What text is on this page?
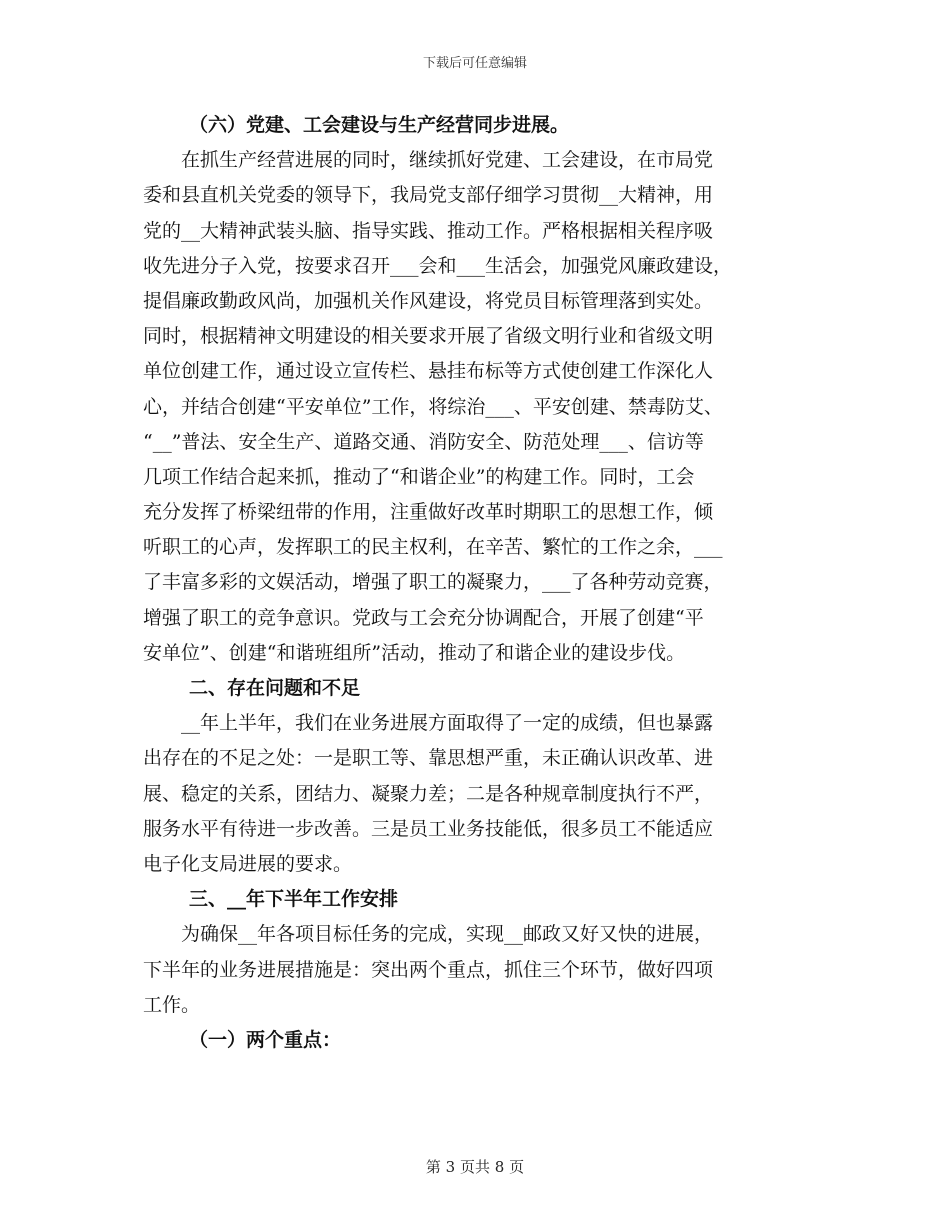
下载后可任意编辑
（六）党建、工会建设与生产经营同步进展。
在抓生产经营进展的同时，继续抓好党建、工会建设，在市局党
委和县直机关党委的领导下，我局党支部仔细学习贯彻__大精神，用
党的__大精神武装头脑、指导实践、推动工作。严格根据相关程序吸
收先进分子入党，按要求召开___会和___生活会，加强党风廉政建设，
提倡廉政勤政风尚，加强机关作风建设，将党员目标管理落到实处。
同时，根据精神文明建设的相关要求开展了省级文明行业和省级文明
单位创建工作，通过设立宣传栏、悬挂布标等方式使创建工作深化人
心，并结合创建“平安单位”工作，将综治___、平安创建、禁毒防艾、
“__”普法、安全生产、道路交通、消防安全、防范处理___、信访等
几项工作结合起来抓，推动了“和谐企业”的构建工作。同时，工会
充分发挥了桥梁纽带的作用，注重做好改革时期职工的思想工作，倾
听职工的心声，发挥职工的民主权利，在辛苦、繁忙的工作之余，___
了丰富多彩的文娱活动，增强了职工的凝聚力，___了各种劳动竞赛，
增强了职工的竞争意识。党政与工会充分协调配合，开展了创建“平
安单位”、创建“和谐班组所”活动，推动了和谐企业的建设步伐。
二、存在问题和不足
__年上半年，我们在业务进展方面取得了一定的成绩，但也暴露
出存在的不足之处：一是职工等、靠思想严重，未正确认识改革、进
展、稳定的关系，团结力、凝聚力差；二是各种规章制度执行不严，
服务水平有待进一步改善。三是员工业务技能低，很多员工不能适应
电子化支局进展的要求。
三、__年下半年工作安排
为确保__年各项目标任务的完成，实现__邮政又好又快的进展，
下半年的业务进展措施是：突出两个重点，抓住三个环节，做好四项
工作。
（一）两个重点：
第 3 页共 8 页
